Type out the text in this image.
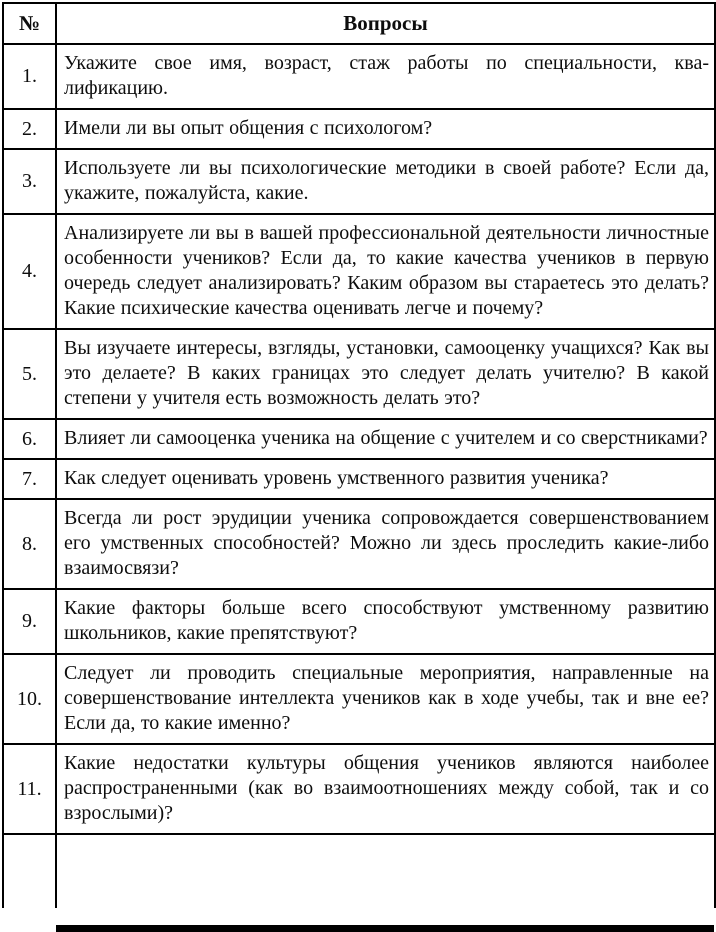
№	Вопросы
1.	Укажите свое имя, возраст, стаж работы по специальности, квалификацию.
2.	Имели ли вы опыт общения с психологом?
3.	Используете ли вы психологические методики в своей работе? Если да, укажите, пожалуйста, какие.
4.	Анализируете ли вы в вашей профессиональной деятельности личностные особенности учеников? Если да, то какие качества учеников в первую очередь следует анализировать? Каким образом вы стараетесь это делать? Какие психические качества оценивать легче и почему?
5.	Вы изучаете интересы, взгляды, установки, самооценку учащихся? Как вы это делаете? В каких границах это следует делать учителю? В какой степени у учителя есть возможность делать это?
6.	Влияет ли самооценка ученика на общение с учителем и со сверстниками?
7.	Как следует оценивать уровень умственного развития ученика?
8.	Всегда ли рост эрудиции ученика сопровождается совершенствованием его умственных способностей? Можно ли здесь проследить какие-либо взаимосвязи?
9.	Какие факторы больше всего способствуют умственному развитию школьников, какие препятствуют?
10.	Следует ли проводить специальные мероприятия, направленные на совершенствование интеллекта учеников как в ходе учебы, так и вне ее? Если да, то какие именно?
11.	Какие недостатки культуры общения учеников являются наиболее распространенными (как во взаимоотношениях между собой, так и со взрослыми)?
